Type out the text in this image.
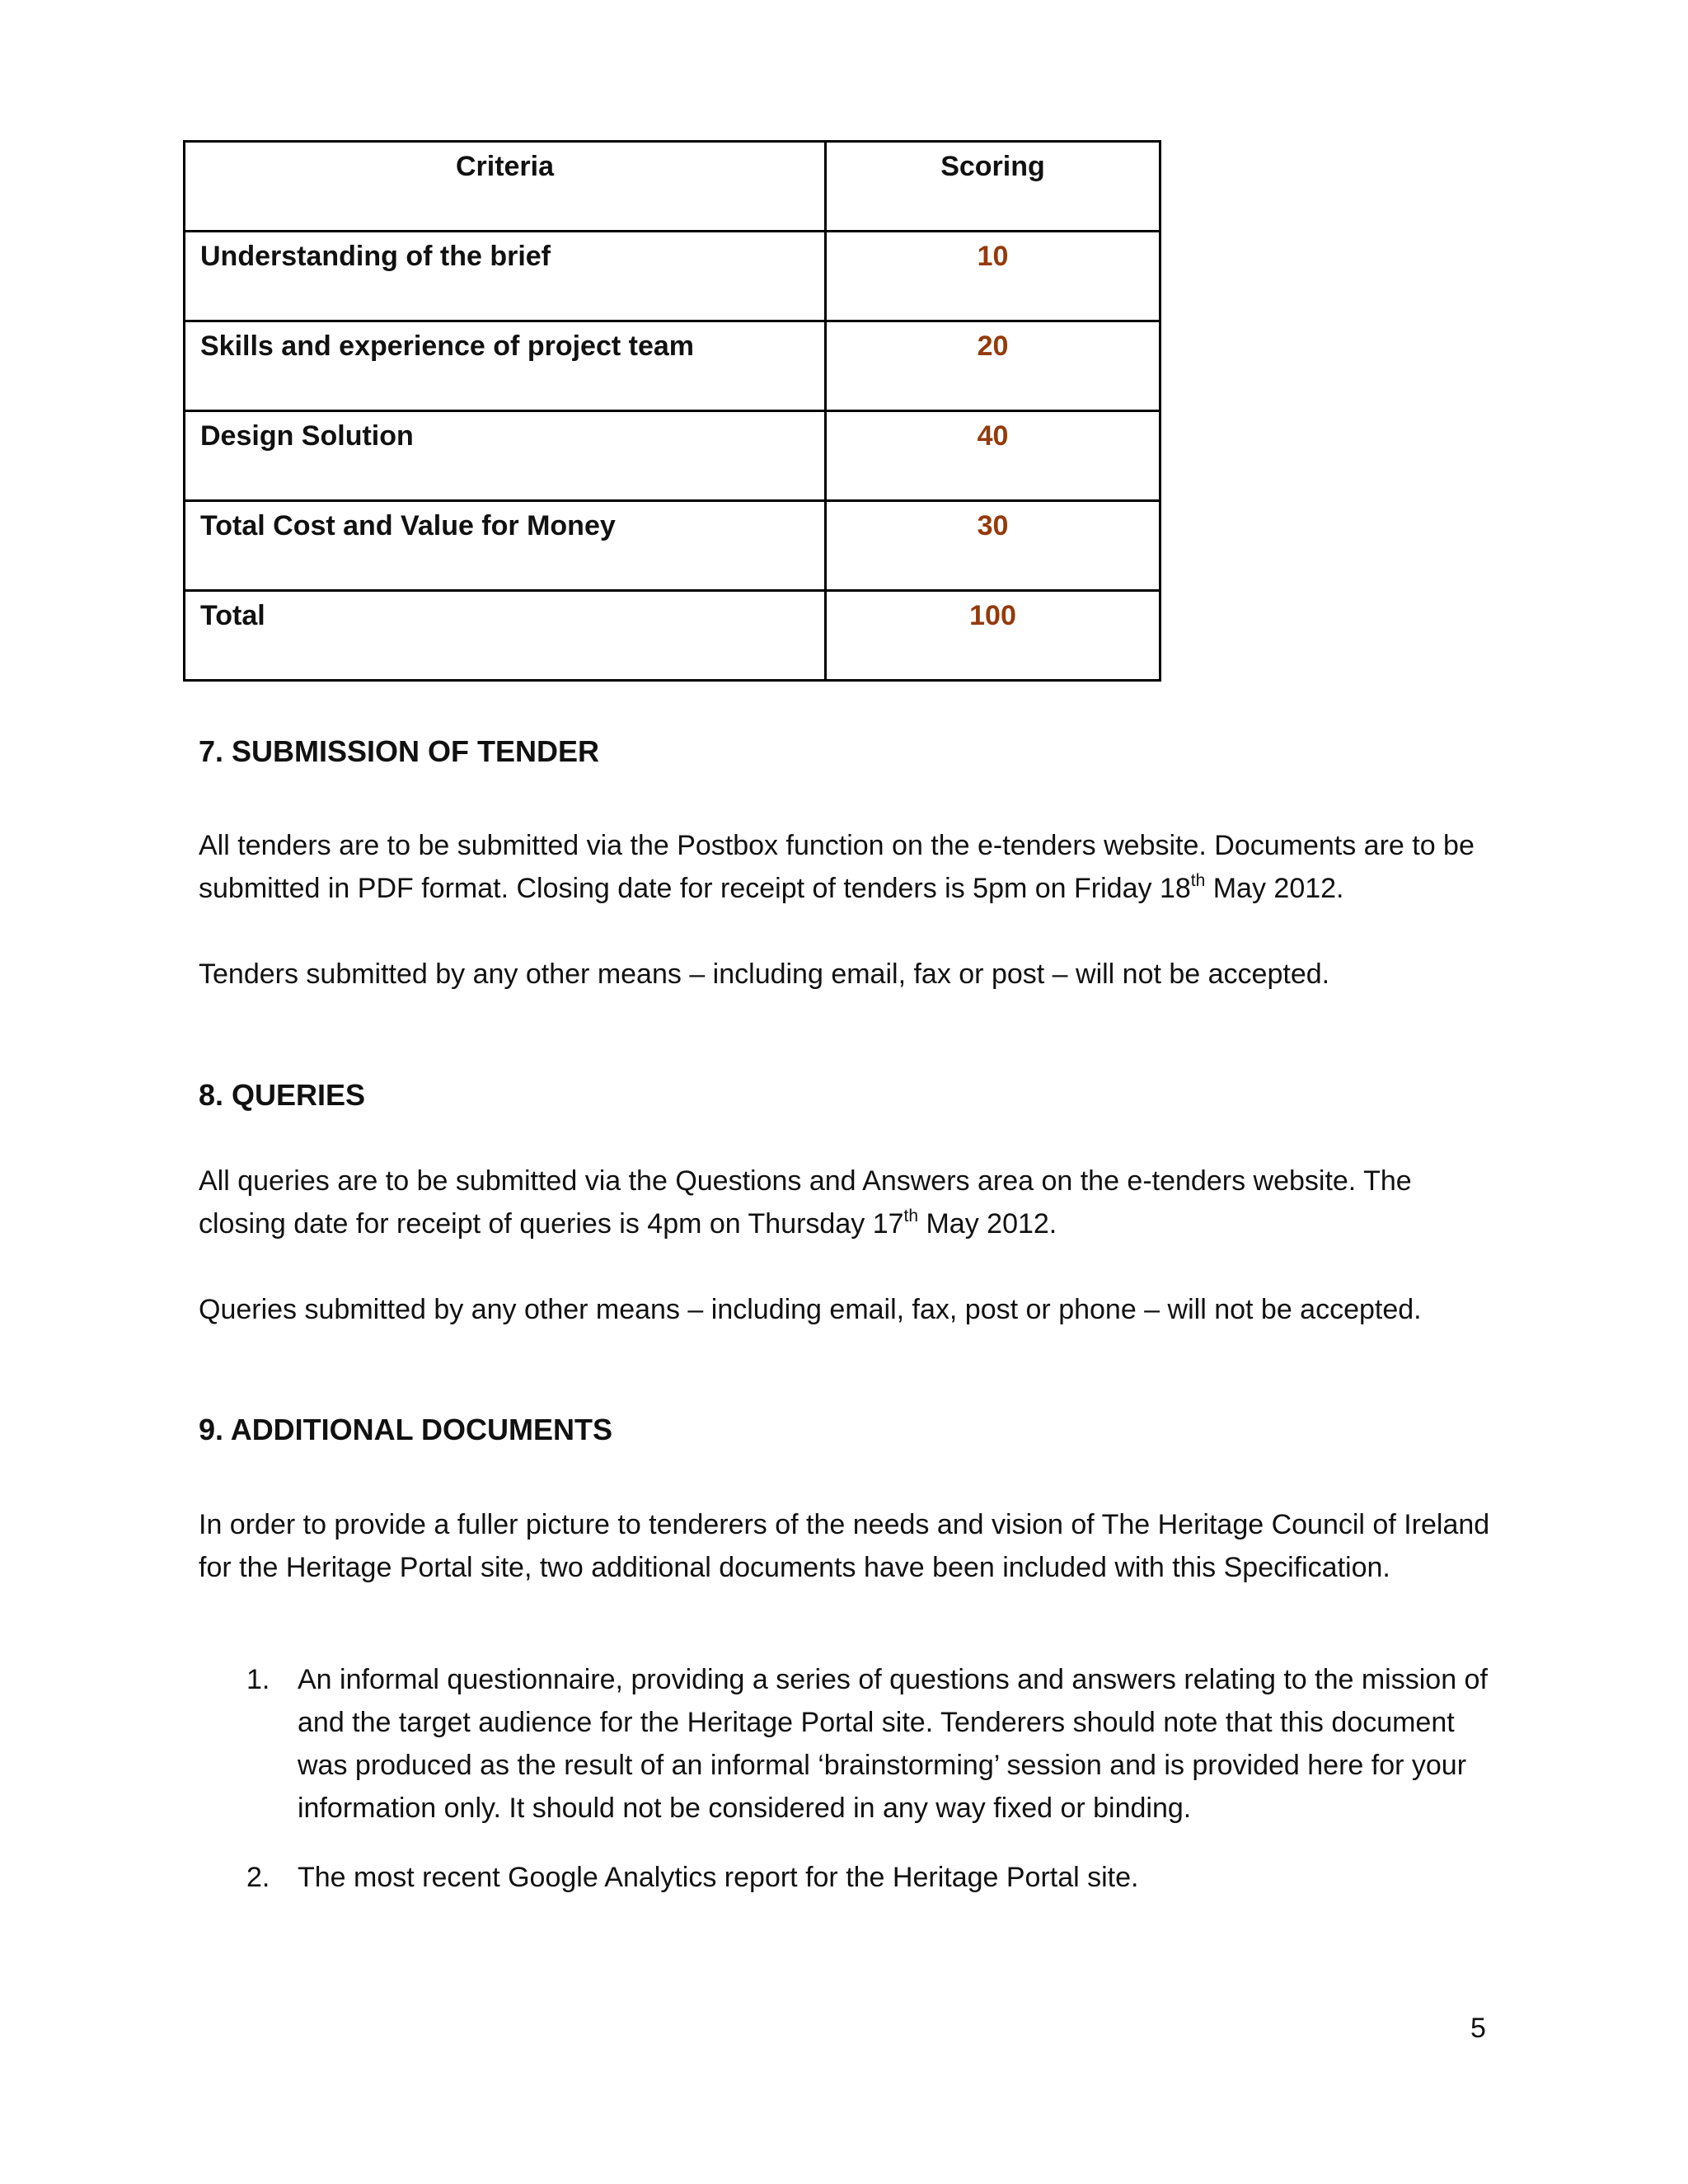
Criteria	Scoring
Understanding of the brief	10
Skills and experience of project team	20
Design Solution	40
Total Cost and Value for Money	30
Total	100
7. SUBMISSION OF TENDER

All tenders are to be submitted via the Postbox function on the e-tenders website. Documents are to be submitted in PDF format. Closing date for receipt of tenders is 5pm on Friday 18th May 2012.

Tenders submitted by any other means – including email, fax or post – will not be accepted.

8. QUERIES

All queries are to be submitted via the Questions and Answers area on the e-tenders website. The closing date for receipt of queries is 4pm on Thursday 17th May 2012.

Queries submitted by any other means – including email, fax, post or phone – will not be accepted.

9. ADDITIONAL DOCUMENTS
In order to provide a fuller picture to tenderers of the needs and vision of The Heritage Council of Ireland for the Heritage Portal site, two additional documents have been included with this Specification.
1. An informal questionnaire, providing a series of questions and answers relating to the mission of and the target audience for the Heritage Portal site. Tenderers should note that this document was produced as the result of an informal ‘brainstorming’ session and is provided here for your information only. It should not be considered in any way fixed or binding.
2. The most recent Google Analytics report for the Heritage Portal site.
5
